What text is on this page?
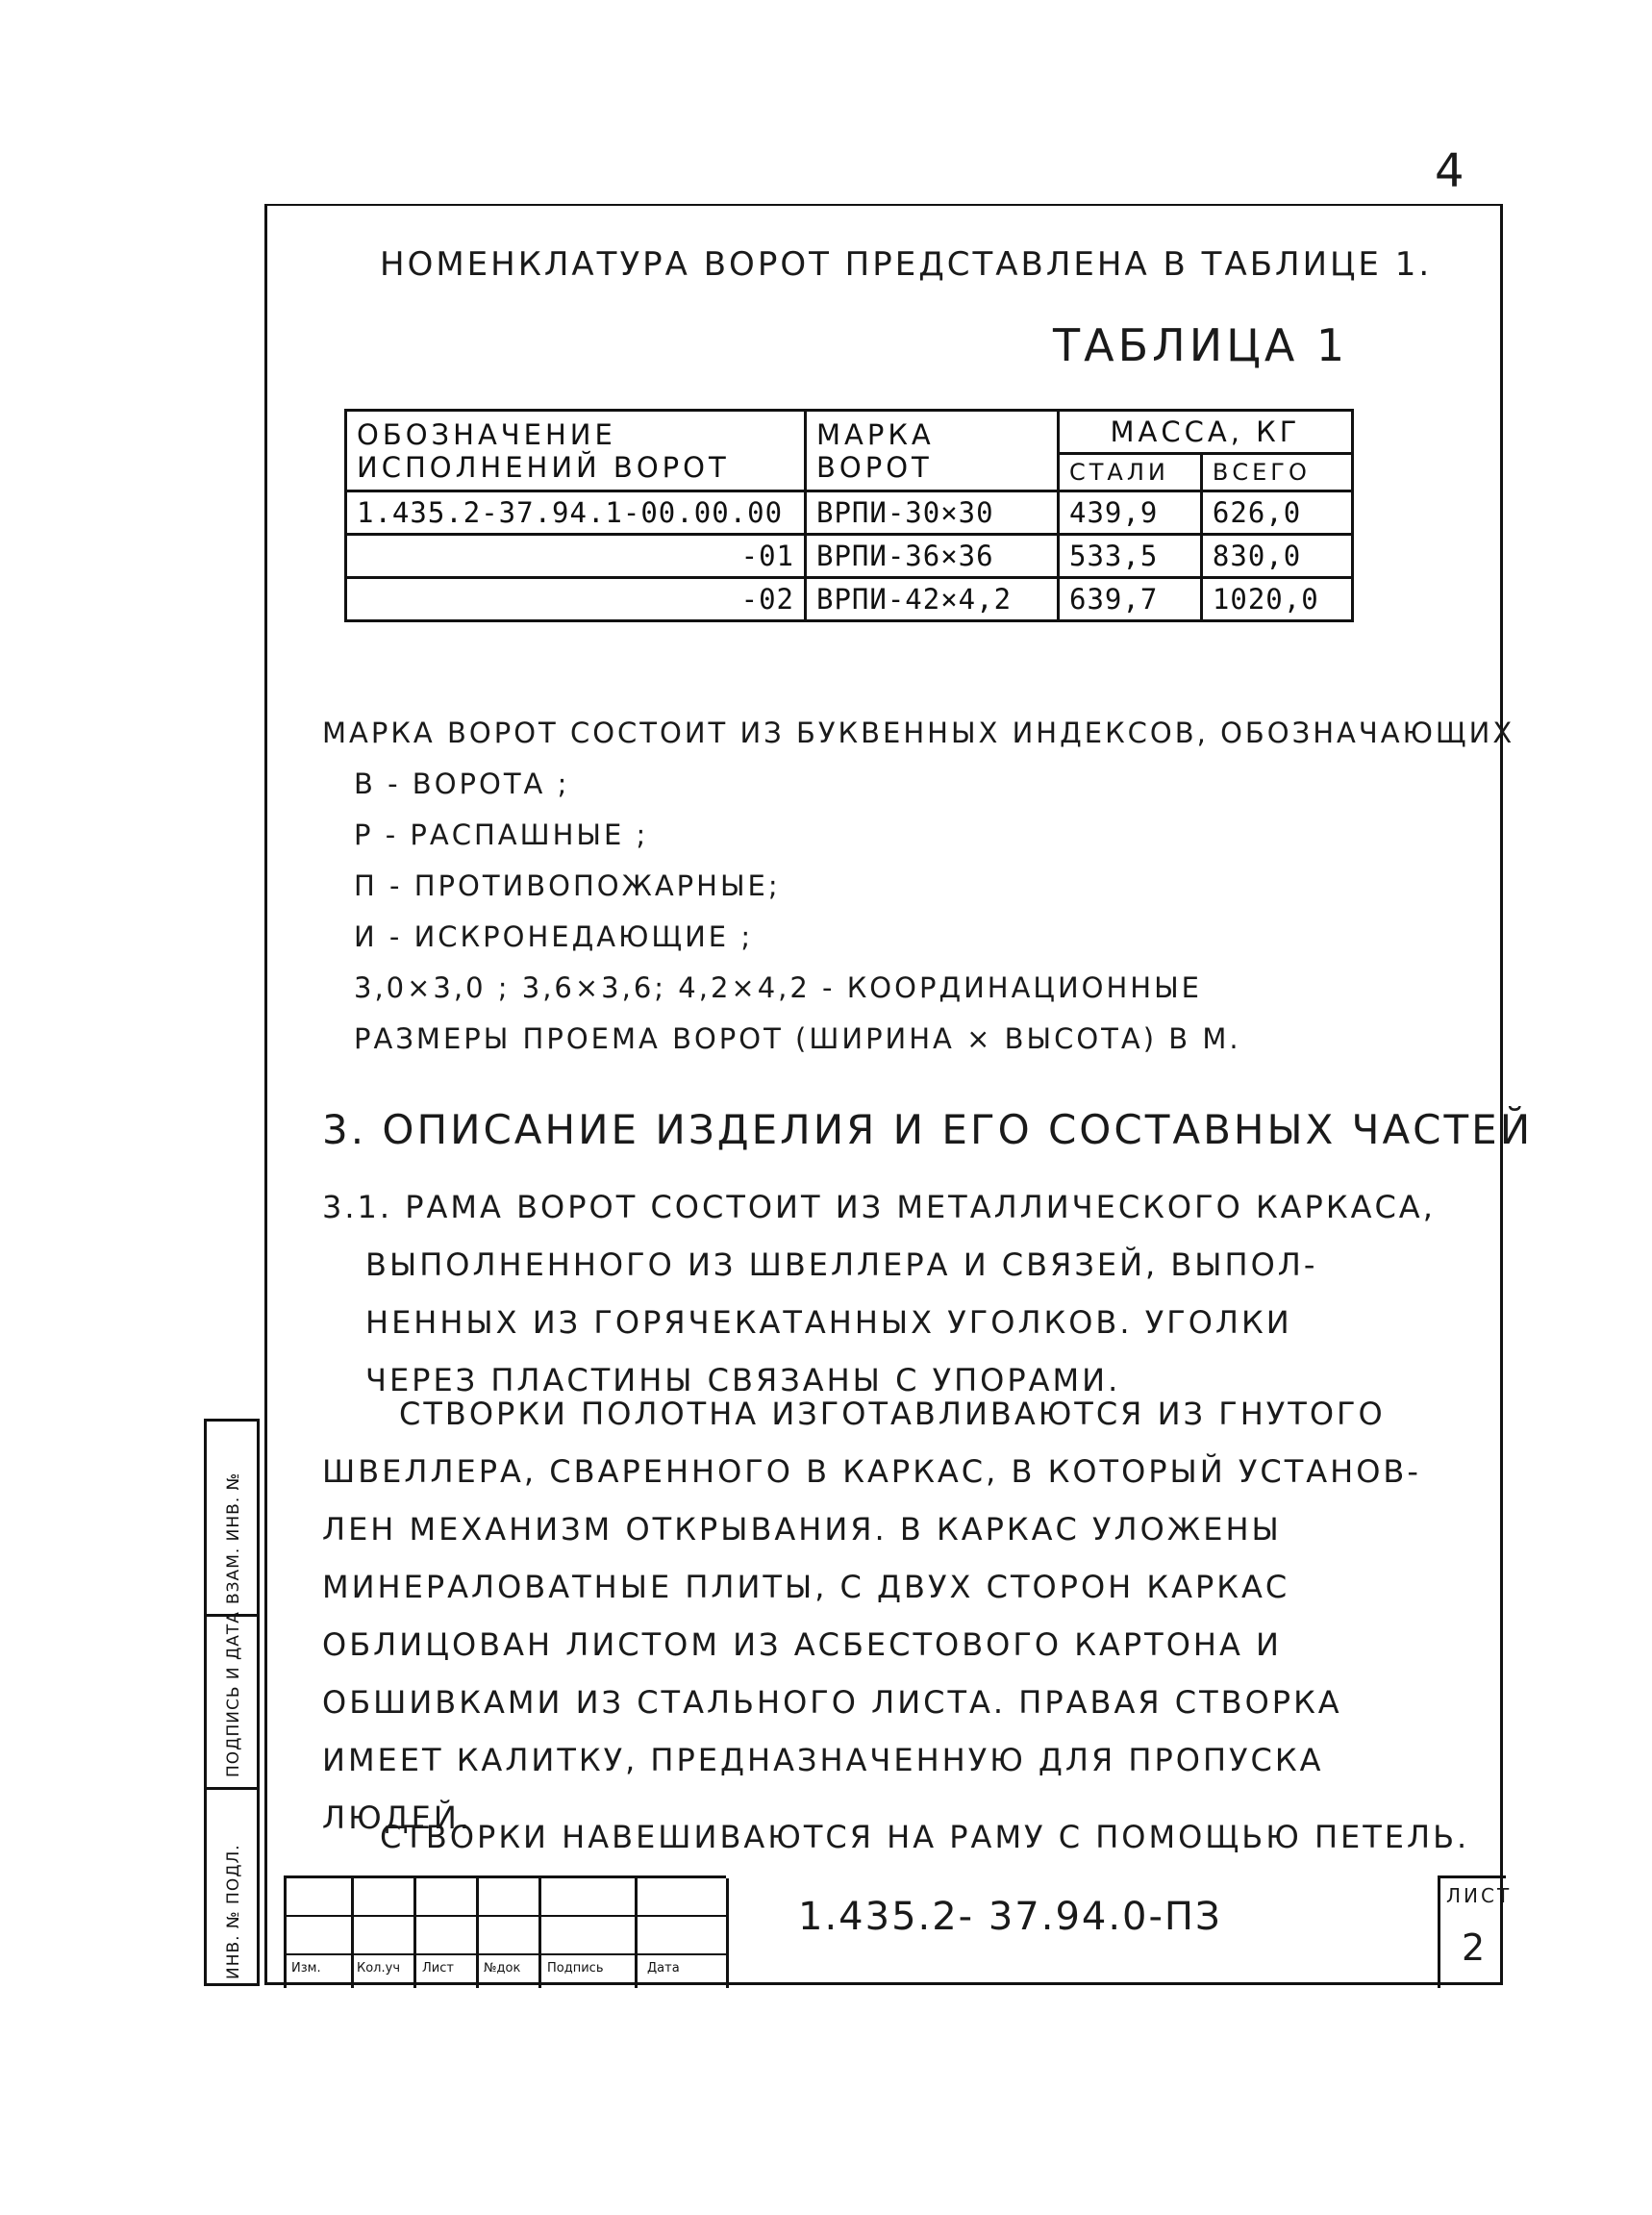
4
НОМЕНКЛАТУРА ВОРОТ ПРЕДСТАВЛЕНА В ТАБЛИЦЕ 1.
ТАБЛИЦА 1
ОБОЗНАЧЕНИЕ ИСПОЛНЕНИЙ ВОРОТ	МАРКА ВОРОТ	МАССА, КГ	
		СТАЛИ	ВСЕГО
1.435.2-37.94.1-00.00.00	ВРПИ-30×30	439,9	626,0
-01	ВРПИ-36×36	533,5	830,0
-02	ВРПИ-42×4,2	639,7	1020,0
МАРКА ВОРОТ СОСТОИТ ИЗ БУКВЕННЫХ ИНДЕКСОВ, ОБОЗНАЧАЮЩИХ
В - ВОРОТА ;
Р - РАСПАШНЫЕ ;
П - ПРОТИВОПОЖАРНЫЕ;
И - ИСКРОНЕДАЮЩИЕ ;
3,0×3,0 ; 3,6×3,6; 4,2×4,2 - КООРДИНАЦИОННЫЕ
РАЗМЕРЫ ПРОЕМА ВОРОТ (ШИРИНА × ВЫСОТА) В М.
3. ОПИСАНИЕ ИЗДЕЛИЯ И ЕГО СОСТАВНЫХ ЧАСТЕЙ
3.1. РАМА ВОРОТ СОСТОИТ ИЗ МЕТАЛЛИЧЕСКОГО КАРКАСА,
ВЫПОЛНЕННОГО ИЗ ШВЕЛЛЕРА И СВЯЗЕЙ, ВЫПОЛ-
НЕННЫХ ИЗ ГОРЯЧЕКАТАННЫХ УГОЛКОВ. УГОЛКИ
ЧЕРЕЗ ПЛАСТИНЫ СВЯЗАНЫ С УПОРАМИ.
СТВОРКИ ПОЛОТНА ИЗГОТАВЛИВАЮТСЯ ИЗ ГНУТОГО
ШВЕЛЛЕРА, СВАРЕННОГО В КАРКАС, В КОТОРЫЙ УСТАНОВ-
ЛЕН МЕХАНИЗМ ОТКРЫВАНИЯ. В КАРКАС УЛОЖЕНЫ
МИНЕРАЛОВАТНЫЕ ПЛИТЫ, С ДВУХ СТОРОН КАРКАС
ОБЛИЦОВАН ЛИСТОМ ИЗ АСБЕСТОВОГО КАРТОНА И
ОБШИВКАМИ ИЗ СТАЛЬНОГО ЛИСТА. ПРАВАЯ СТВОРКА
ИМЕЕТ КАЛИТКУ, ПРЕДНАЗНАЧЕННУЮ ДЛЯ ПРОПУСКА
ЛЮДЕЙ.
СТВОРКИ НАВЕШИВАЮТСЯ НА РАМУ С ПОМОЩЬЮ ПЕТЕЛЬ.
Изм.	Кол.уч Лист №док Подпись	Дата
1.435.2- 37.94.0-ПЗ	ЛИСТ
2
ИНВ. № ПОДЛ.
ПОДПИСЬ И ДАТА
ВЗАМ. ИНВ. №
